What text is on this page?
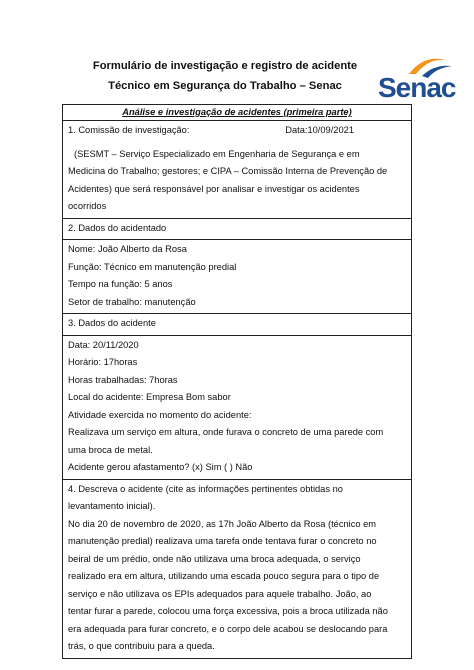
Formulário de investigação e registro de acidente
Técnico em Segurança do Trabalho – Senac	Senac
Análise e investigação de acidentes (primeira parte)
1. Comissão de investigação:	Data:10/09/2021
(SESMT – Serviço Especializado em Engenharia de Segurança e em
Medicina do Trabalho; gestores; e CIPA – Comissão Interna de Prevenção de
Acidentes) que será responsável por analisar e investigar os acidentes
ocorridos
2. Dados do acidentado
Nome: João Alberto da Rosa
Função: Técnico em manutenção predial
Tempo na função: 5 anos
Setor de trabalho: manutenção
3. Dados do acidente
Data: 20/11/2020
Horário: 17horas
Horas trabalhadas: 7horas
Local do acidente: Empresa Bom sabor
Atividade exercida no momento do acidente:
Realizava um serviço em altura, onde furava o concreto de uma parede com
uma broca de metal.
Acidente gerou afastamento? (x) Sim ( ) Não
4. Descreva o acidente (cite as informações pertinentes obtidas no
levantamento inicial).
No dia 20 de novembro de 2020, as 17h João Alberto da Rosa (técnico em
manutenção predial) realizava uma tarefa onde tentava furar o concreto no
beiral de um prédio, onde não utilizava uma broca adequada, o serviço
realizado era em altura, utilizando uma escada pouco segura para o tipo de
serviço e não utilizava os EPIs adequados para aquele trabalho. João, ao
tentar furar a parede, colocou uma força excessiva, pois a broca utilizada não
era adequada para furar concreto, e o corpo dele acabou se deslocando para
trás, o que contribuiu para a queda.
